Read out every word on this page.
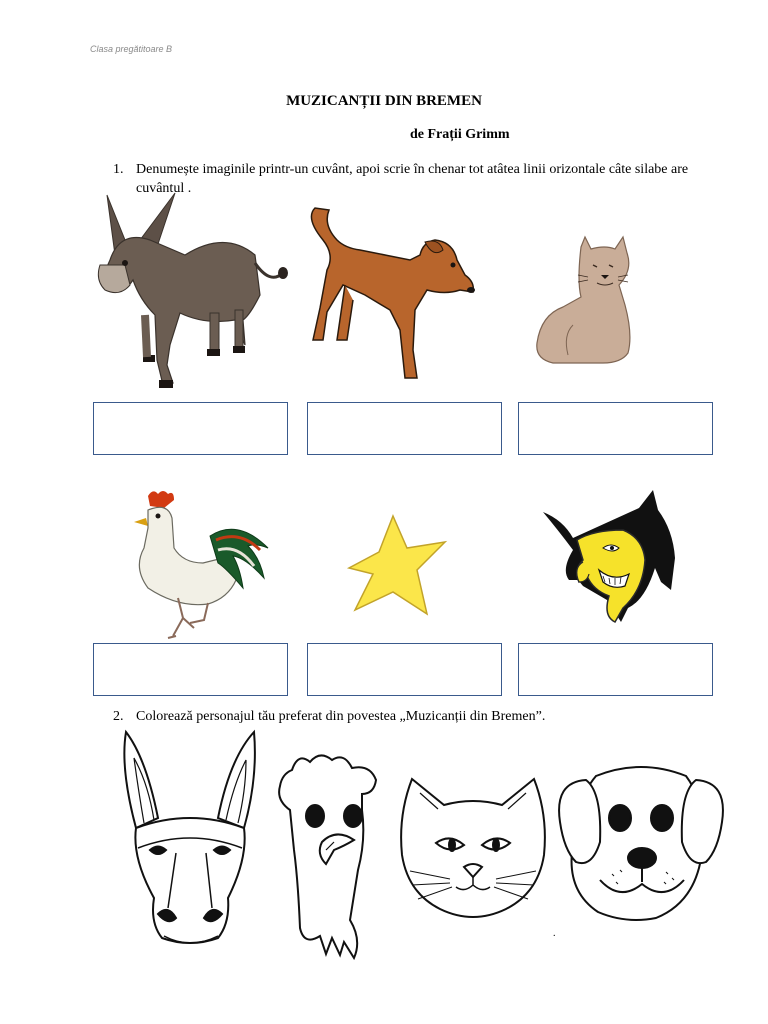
Clasa pregătitoare B
MUZICANȚII DIN BREMEN
de Frații Grimm
1. Denumește imaginile printr-un cuvânt, apoi scrie în chenar tot atâtea linii orizontale câte silabe are cuvântul .
2. Colorează personajul tău preferat din povestea „Muzicanții din Bremen”.
.
